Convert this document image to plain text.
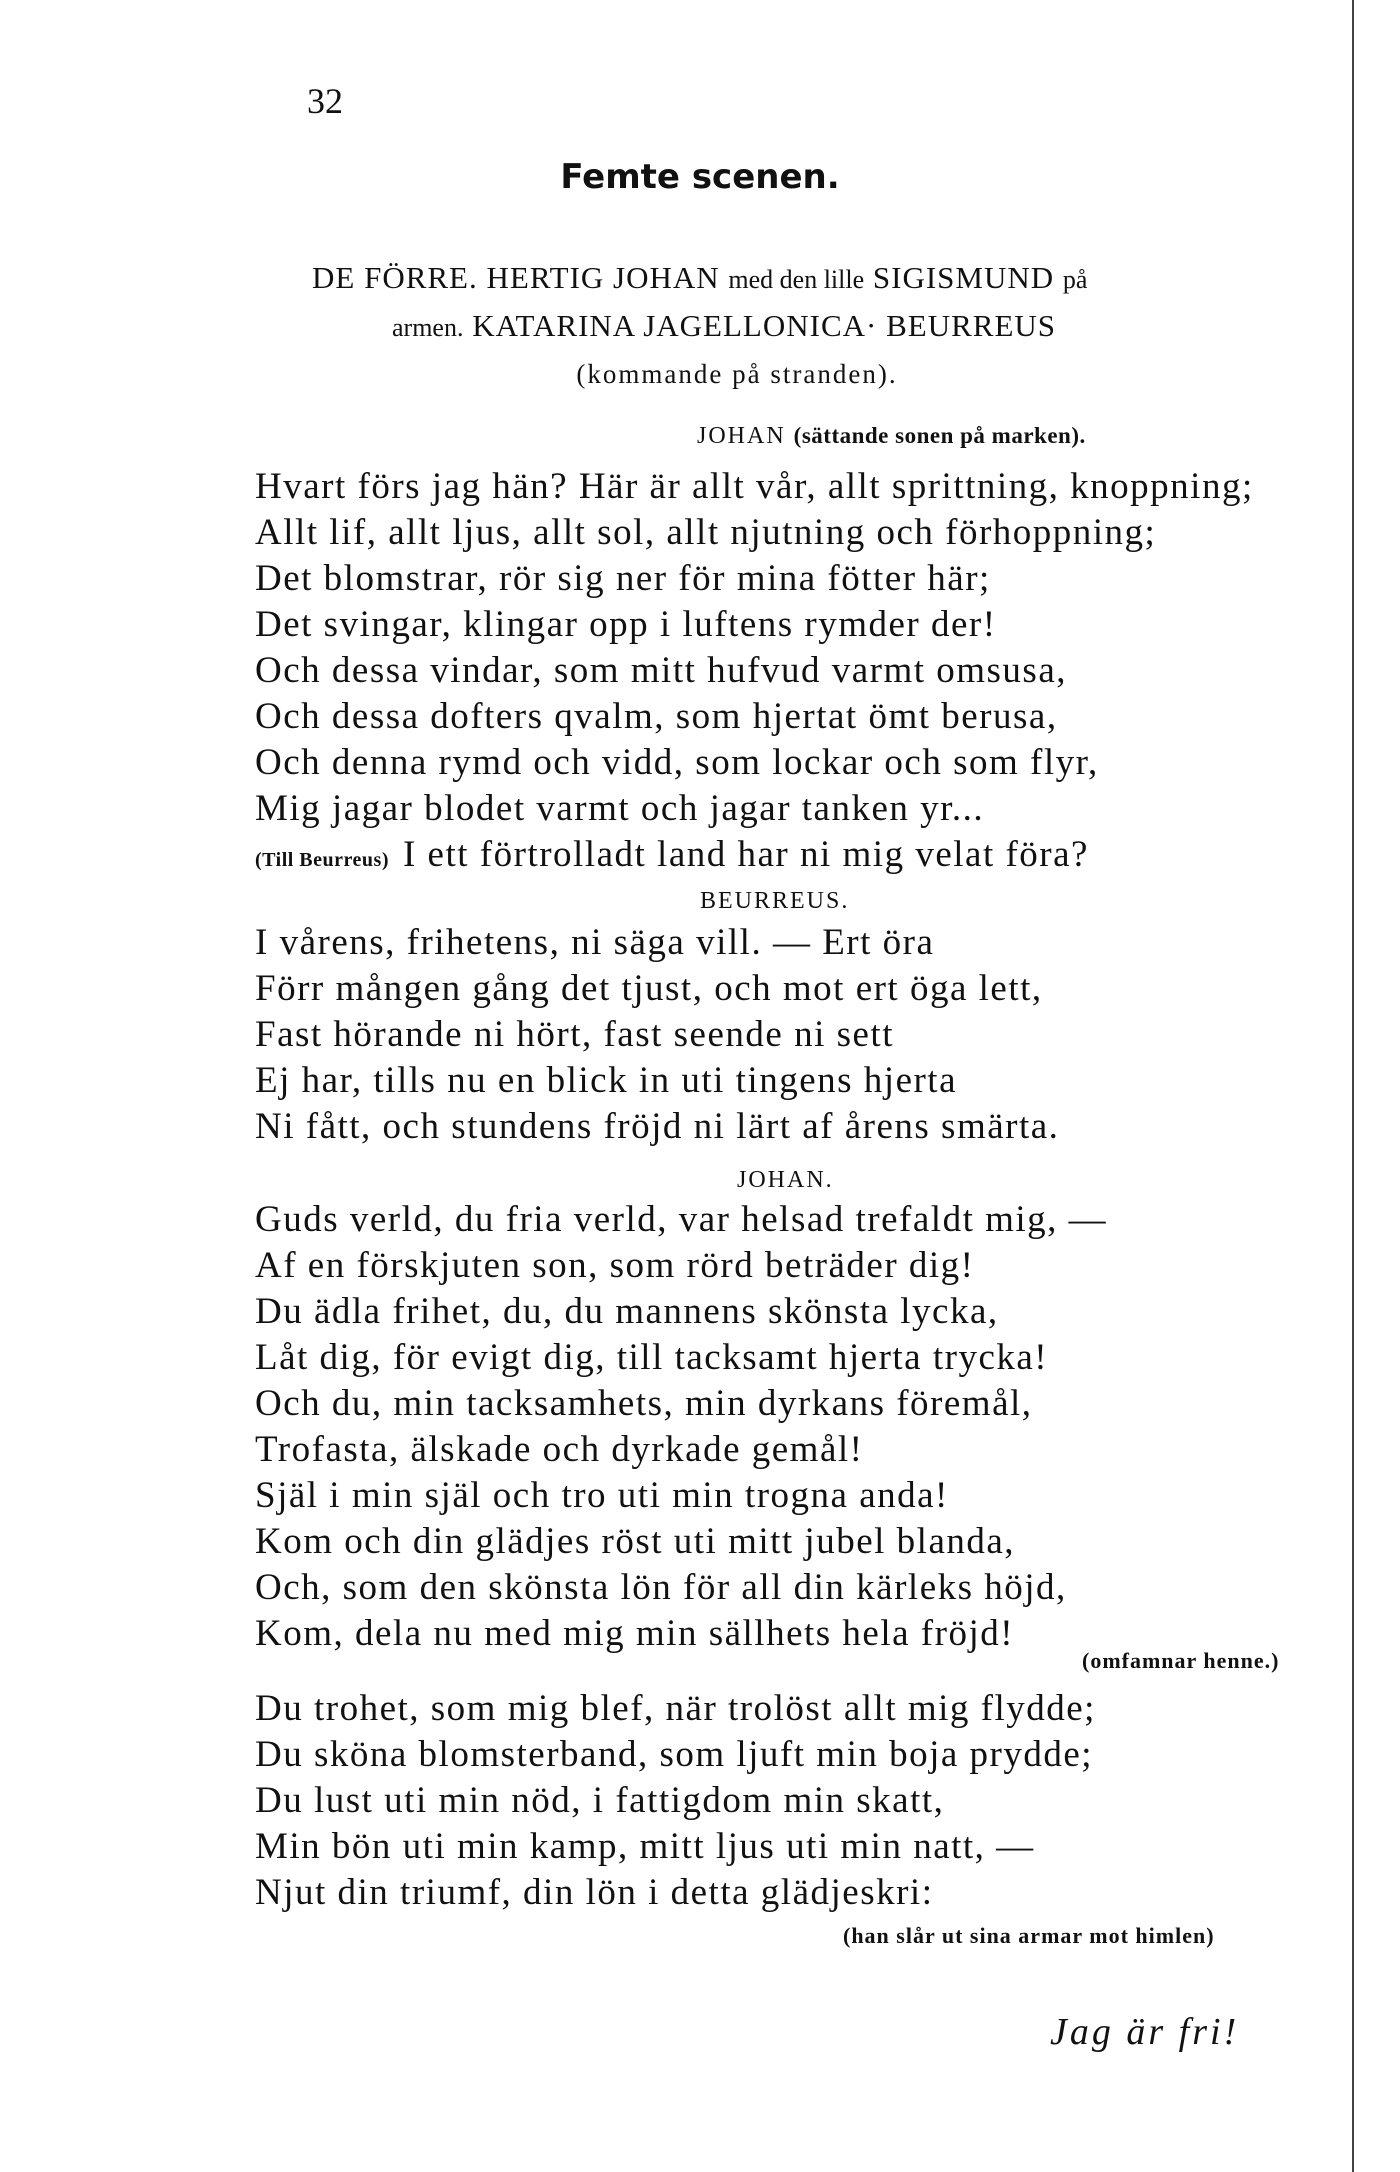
32
Femte scenen.
DE FÖRRE. HERTIG JOHAN med den lille SIGISMUND på
armen. KATARINA JAGELLONICA· BEURREUS
(kommande på stranden).
JOHAN (sättande sonen på marken).
Hvart förs jag hän? Här är allt vår, allt sprittning, knoppning;
Allt lif, allt ljus, allt sol, allt njutning och förhoppning;
Det blomstrar, rör sig ner för mina fötter här;
Det svingar, klingar opp i luftens rymder der!
Och dessa vindar, som mitt hufvud varmt omsusa,
Och dessa dofters qvalm, som hjertat ömt berusa,
Och denna rymd och vidd, som lockar och som flyr,
Mig jagar blodet varmt och jagar tanken yr...
(Till Beurreus) I ett förtrolladt land har ni mig velat föra?
BEURREUS.
I vårens, frihetens, ni säga vill. — Ert öra
Förr mången gång det tjust, och mot ert öga lett,
Fast hörande ni hört, fast seende ni sett
Ej har, tills nu en blick in uti tingens hjerta
Ni fått, och stundens fröjd ni lärt af årens smärta.
JOHAN.
Guds verld, du fria verld, var helsad trefaldt mig, —
Af en förskjuten son, som rörd beträder dig!
Du ädla frihet, du, du mannens skönsta lycka,
Låt dig, för evigt dig, till tacksamt hjerta trycka!
Och du, min tacksamhets, min dyrkans föremål,
Trofasta, älskade och dyrkade gemål!
Själ i min själ och tro uti min trogna anda!
Kom och din glädjes röst uti mitt jubel blanda,
Och, som den skönsta lön för all din kärleks höjd,
Kom, dela nu med mig min sällhets hela fröjd!
(omfamnar henne.)
Du trohet, som mig blef, när trolöst allt mig flydde;
Du sköna blomsterband, som ljuft min boja prydde;
Du lust uti min nöd, i fattigdom min skatt,
Min bön uti min kamp, mitt ljus uti min natt, —
Njut din triumf, din lön i detta glädjeskri:
(han slår ut sina armar mot himlen)
Jag är fri!
